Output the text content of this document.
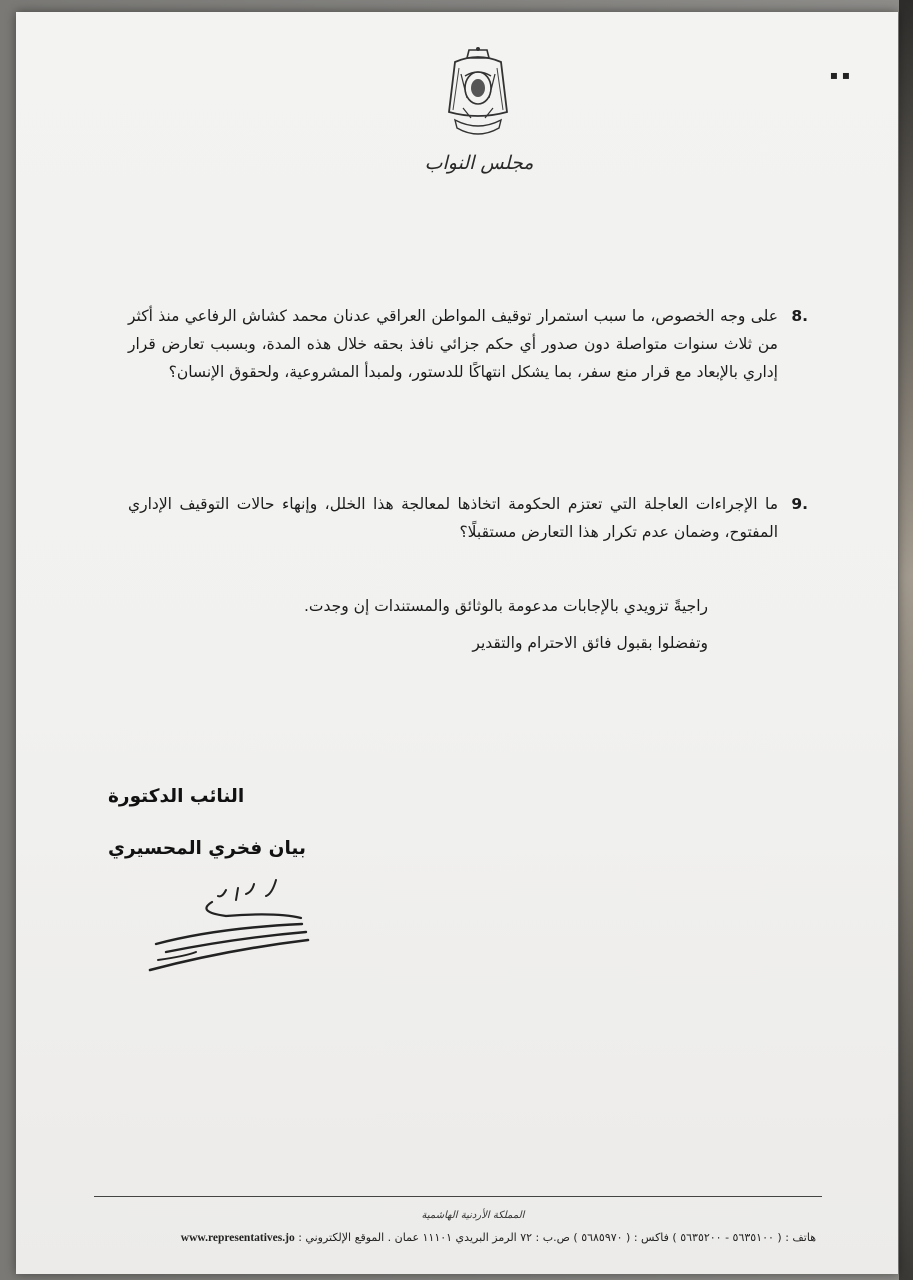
مجلس النواب
▪ ▪
.8
على وجه الخصوص، ما سبب استمرار توقيف المواطن العراقي عدنان محمد كشاش الرفاعي منذ أكثر من ثلاث سنوات متواصلة دون صدور أي حكم جزائي نافذ بحقه خلال هذه المدة، وبسبب تعارض قرار إداري بالإبعاد مع قرار منع سفر، بما يشكل انتهاكًا للدستور، ولمبدأ المشروعية، ولحقوق الإنسان؟
.9
ما الإجراءات العاجلة التي تعتزم الحكومة اتخاذها لمعالجة هذا الخلل، وإنهاء حالات التوقيف الإداري المفتوح، وضمان عدم تكرار هذا التعارض مستقبلًا؟
راجيةً تزويدي بالإجابات مدعومة بالوثائق والمستندات إن وجدت.
وتفضلوا بقبول فائق الاحترام والتقدير
النائب الدكتورة
بيان فخري المحسيري
المملكة الأردنية الهاشمية
هاتف : ( ٥٦٣٥١٠٠ - ٥٦٣٥٢٠٠ ) فاكس : ( ٥٦٨٥٩٧٠ ) ص.ب : ٧٢ الرمز البريدي ١١١٠١ عمان . الموقع الإلكتروني : www.representatives.jo
